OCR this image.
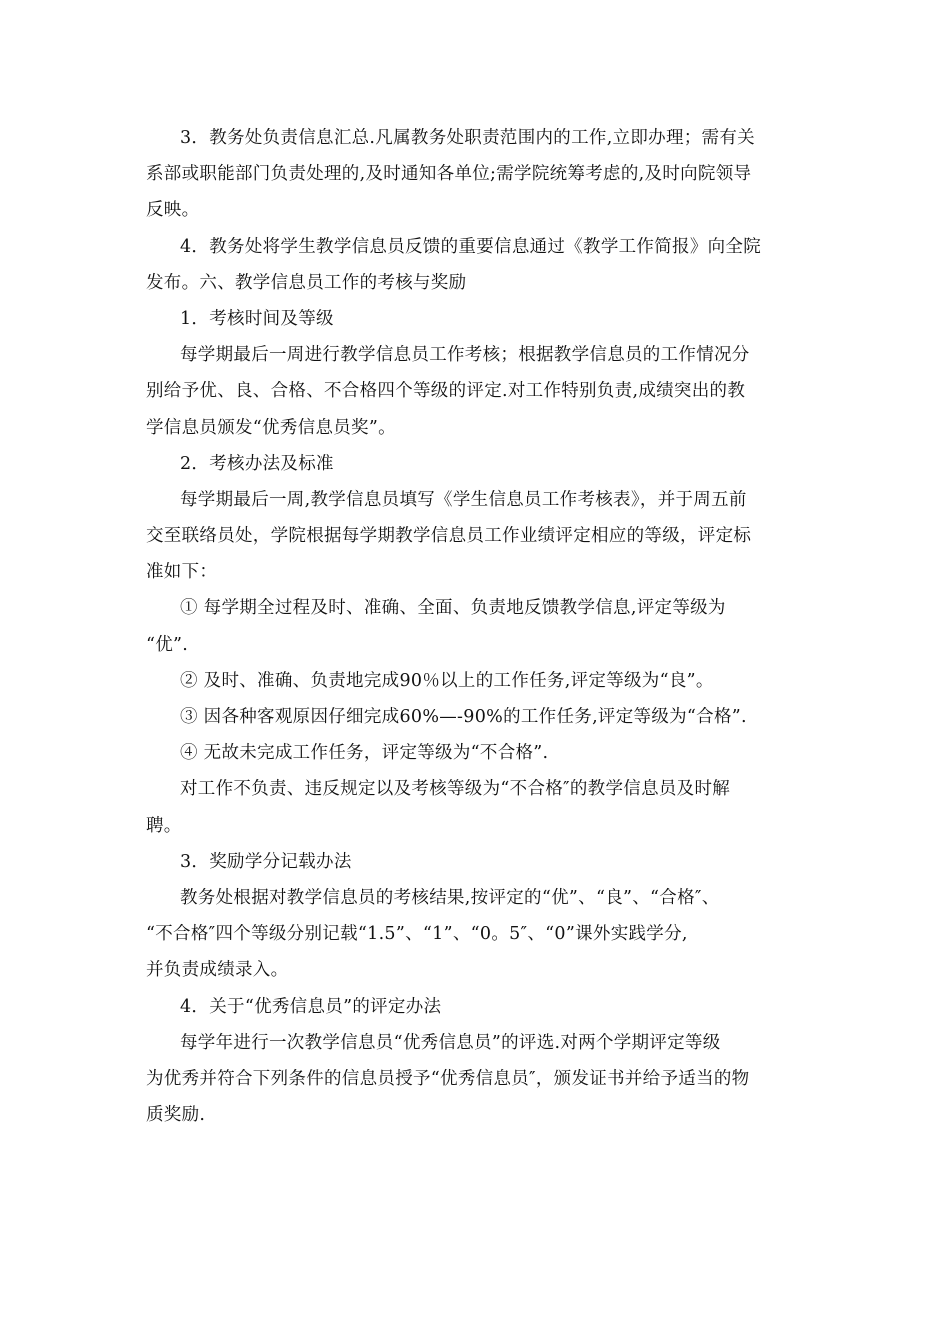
3．教务处负责信息汇总.凡属教务处职责范围内的工作,立即办理；需有关
系部或职能部门负责处理的,及时通知各单位;需学院统筹考虑的,及时向院领导
反映。
4．教务处将学生教学信息员反馈的重要信息通过《教学工作简报》向全院
发布。六、教学信息员工作的考核与奖励
1．考核时间及等级
每学期最后一周进行教学信息员工作考核；根据教学信息员的工作情况分
别给予优、良、合格、不合格四个等级的评定.对工作特别负责,成绩突出的教
学信息员颁发“优秀信息员奖”。
2．考核办法及标准
每学期最后一周,教学信息员填写《学生信息员工作考核表》，并于周五前
交至联络员处，学院根据每学期教学信息员工作业绩评定相应的等级，评定标
准如下：
① 每学期全过程及时、准确、全面、负责地反馈教学信息,评定等级为
“优”.
② 及时、准确、负责地完成90％以上的工作任务,评定等级为“良”。
③ 因各种客观原因仔细完成60%—-90%的工作任务,评定等级为“合格”.
④ 无故未完成工作任务，评定等级为“不合格”.
对工作不负责、违反规定以及考核等级为“不合格″的教学信息员及时解
聘。
3．奖励学分记载办法
教务处根据对教学信息员的考核结果,按评定的“优”、“良”、“合格″、
“不合格″四个等级分别记载“1.5”、“1”、“0。5″、“0”课外实践学分,
并负责成绩录入。
4．关于“优秀信息员”的评定办法
每学年进行一次教学信息员“优秀信息员”的评选.对两个学期评定等级
为优秀并符合下列条件的信息员授予“优秀信息员″，颁发证书并给予适当的物
质奖励.
